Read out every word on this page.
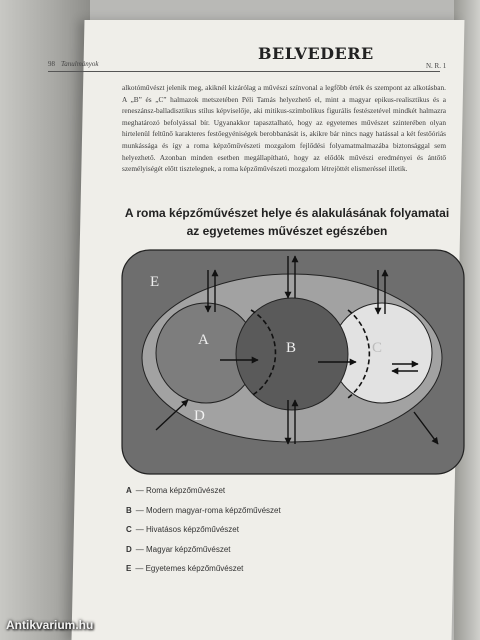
98 Tanulmányok
BELVEDERE
N. R. 1

alkotóművészt jelenik meg, akiknél kizárólag a művészi színvonal a legfőbb érték és szempont az alkotásban. A „B” és „C” halmazok metszetében Péli Tamás helyezhető el, mint a magyar epikus-realisztikus és a reneszánsz-balladisztikus stílus képviselője, aki mitikus-szimbolikus figurális festészetével mindkét halmazra meghatározó befolyással bír. Ugyanakkor tapasztalható, hogy az egyetemes művészet szinterében olyan hirtelenül feltűnő karakteres festőegyéniségek berobbanását is, akikre bár nincs nagy hatással a két festőóriás munkássága és így a roma képzőművészeti mozgalom fejlődési folyamatmalmazába biztonsággal sem helyezhető. Azonban minden esetben megállapítható, hogy az elődök művészi eredményei és ántőtő személyiségét előtt tisztelegnek, a roma képzőművészeti mozgalom létrejöttét elismeréssel illetik.

A roma képzőművészet helye és alakulásának folyamatai
az egyetemes művészet egészében
E
D
A	B	C
A — Roma képzőművészet
B — Modern magyar-roma képzőművészet
C — Hivatásos képzőművészet
D — Magyar képzőművészet
E — Egyetemes képzőművészet
Antikvarium.hu
